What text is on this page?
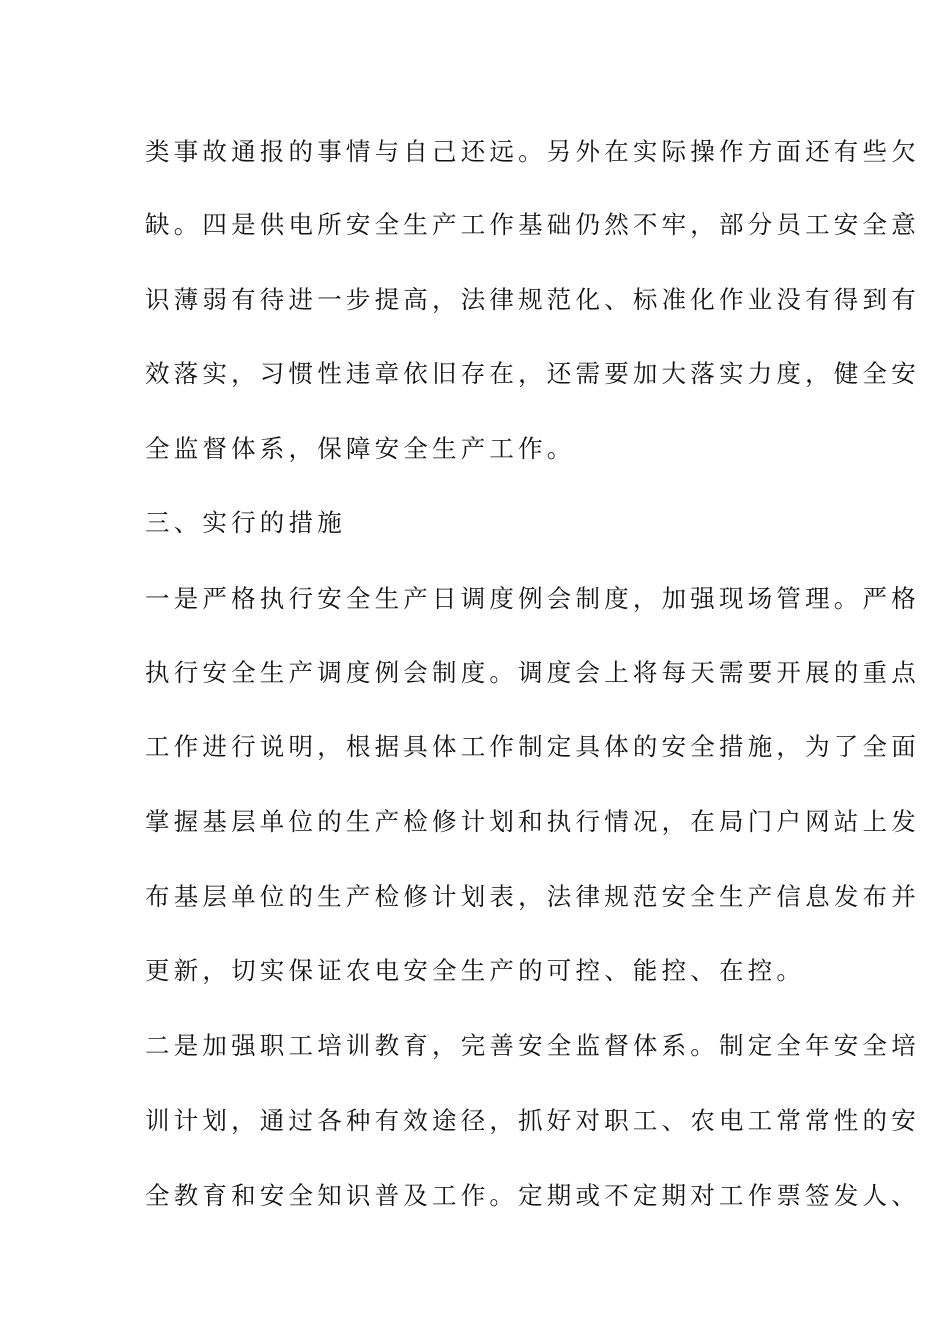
类事故通报的事情与自己还远。另外在实际操作方面还有些欠
缺。四是供电所安全生产工作基础仍然不牢，部分员工安全意
识薄弱有待进一步提高，法律规范化、标准化作业没有得到有
效落实，习惯性违章依旧存在，还需要加大落实力度，健全安
全监督体系，保障安全生产工作。
三、实行的措施
一是严格执行安全生产日调度例会制度，加强现场管理。严格
执行安全生产调度例会制度。调度会上将每天需要开展的重点
工作进行说明，根据具体工作制定具体的安全措施，为了全面
掌握基层单位的生产检修计划和执行情况，在局门户网站上发
布基层单位的生产检修计划表，法律规范安全生产信息发布并
更新，切实保证农电安全生产的可控、能控、在控。
二是加强职工培训教育，完善安全监督体系。制定全年安全培
训计划，通过各种有效途径，抓好对职工、农电工常常性的安
全教育和安全知识普及工作。定期或不定期对工作票签发人、
